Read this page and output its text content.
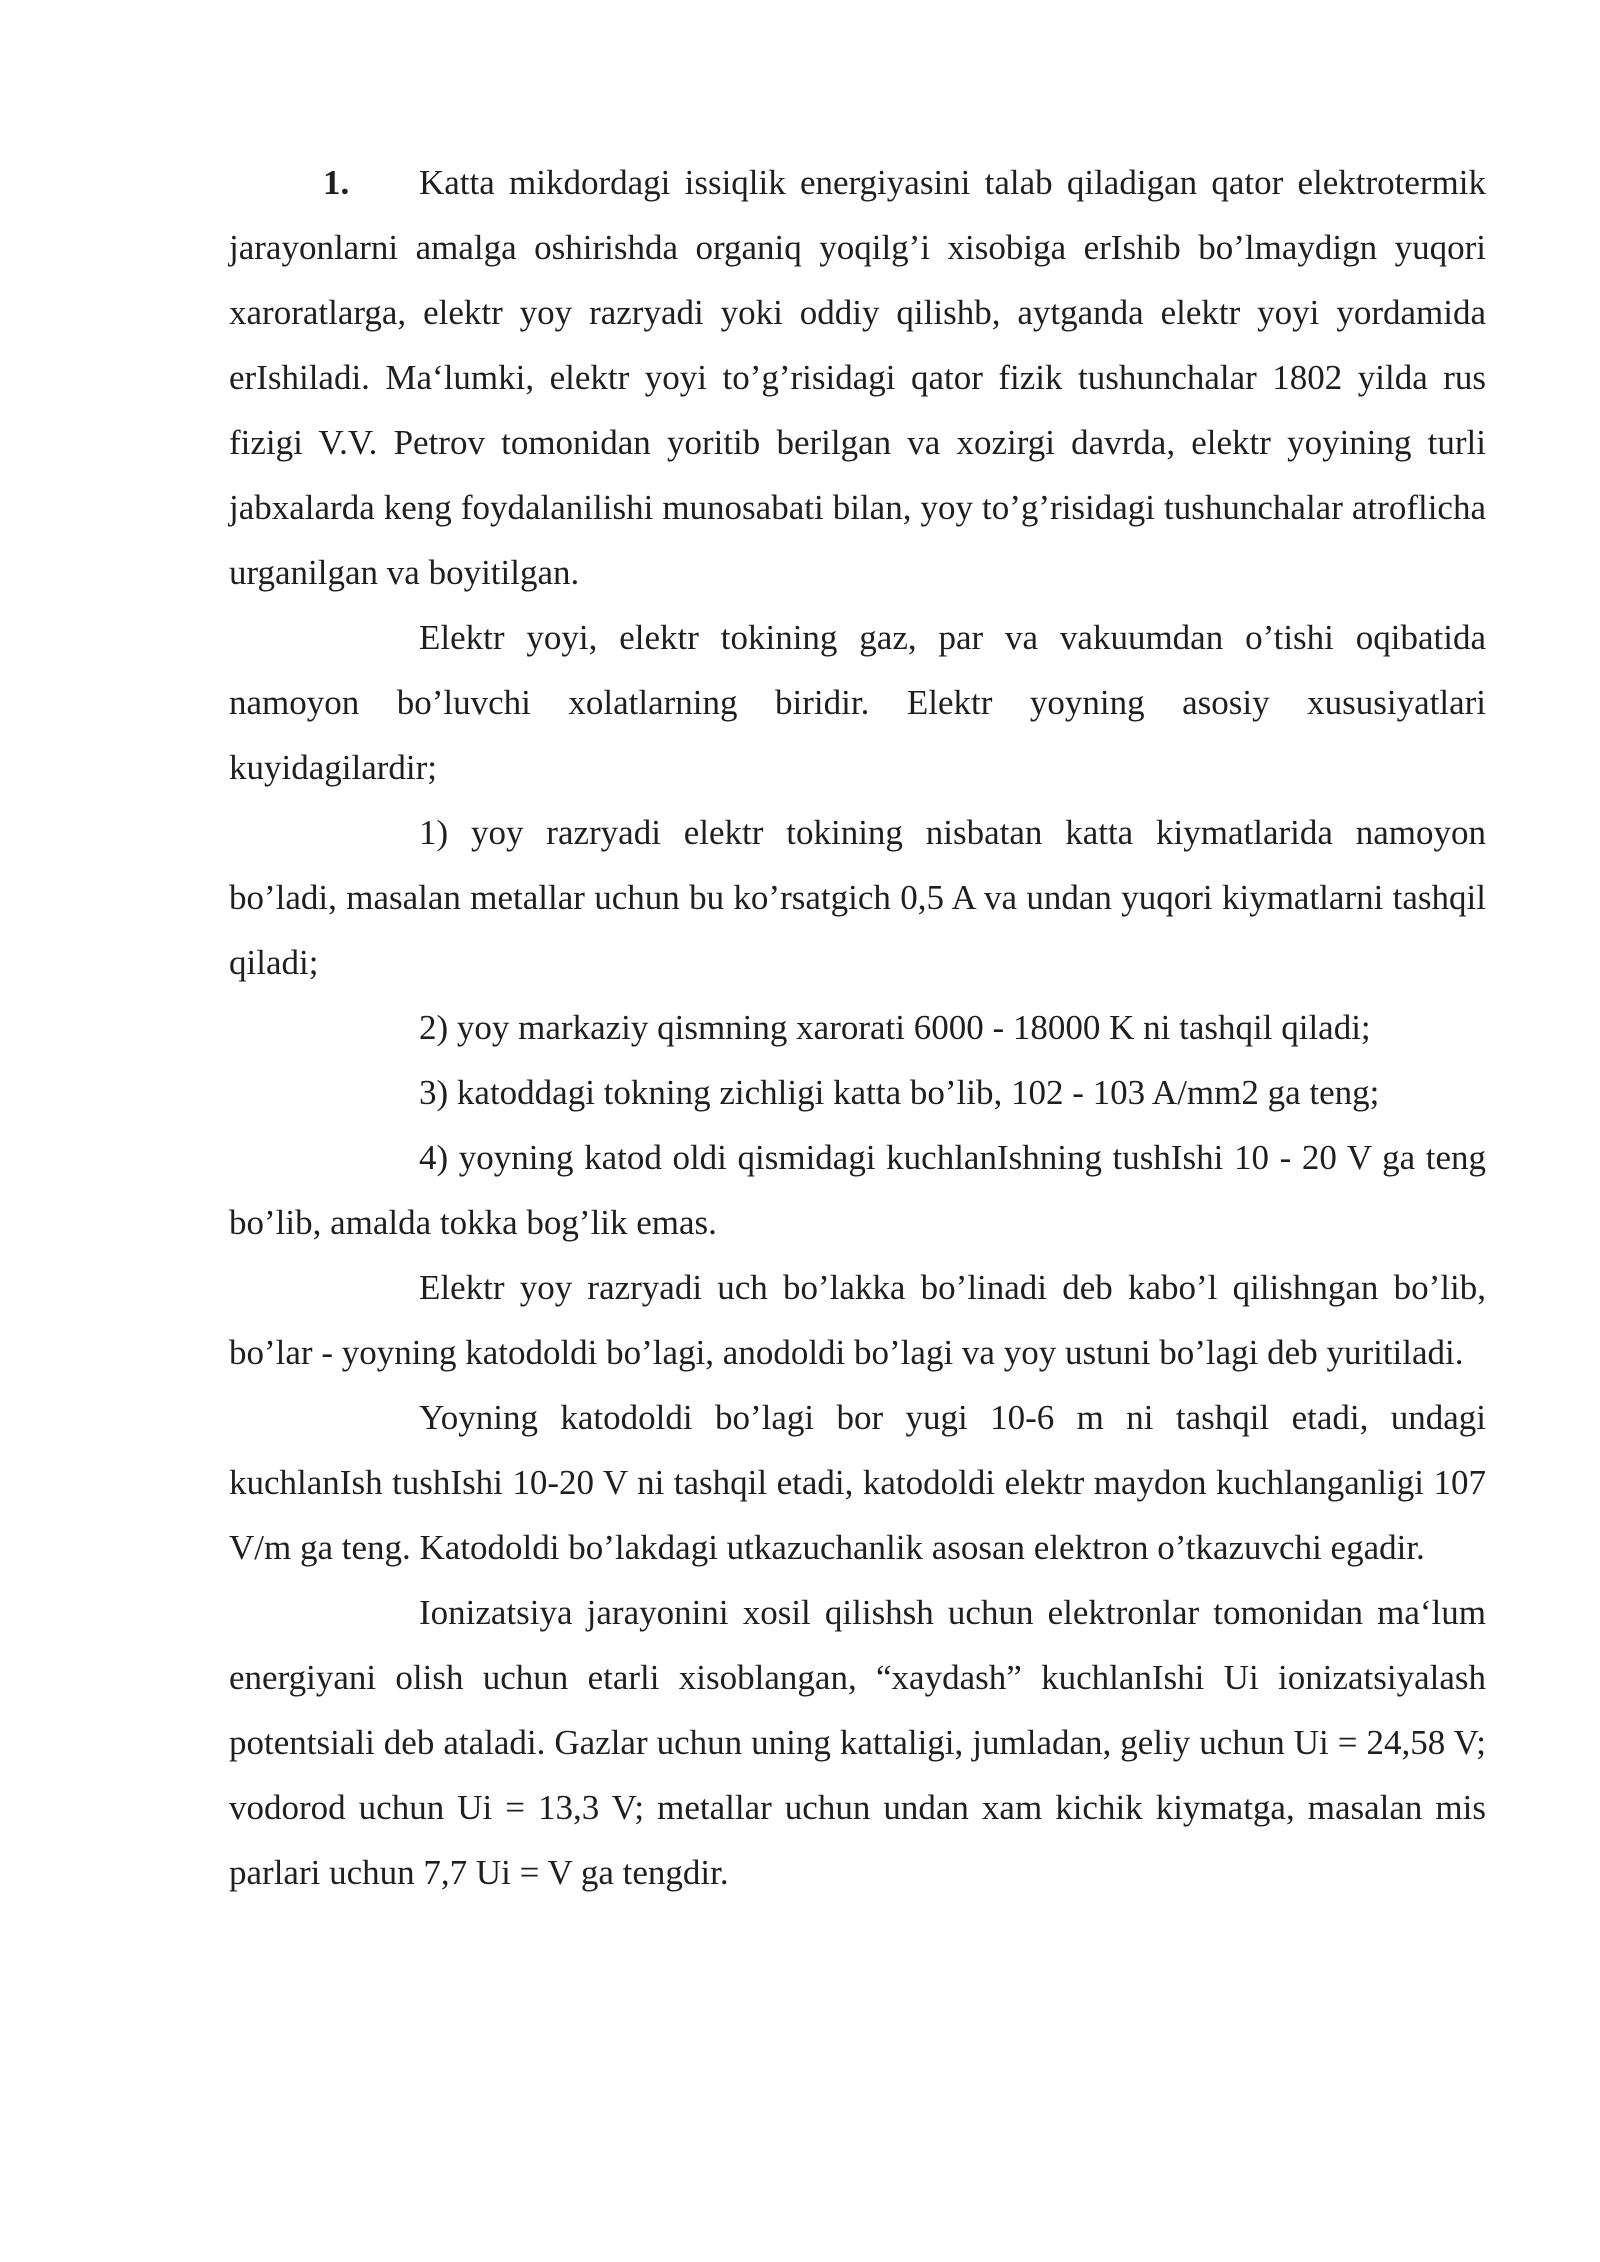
1. Katta mikdordagi issiqlik energiyasini talab qiladigan qator elektrotermik jarayonlarni amalga oshirishda organiq yoqilg’i xisobiga erIshib bo’lmaydign yuqori xaroratlarga, elektr yoy razryadi yoki oddiy qilishb, aytganda elektr yoyi yordamida erIshiladi. Ma‘lumki, elektr yoyi to’g’risidagi qator fizik tushunchalar 1802 yilda rus fizigi V.V. Petrov tomonidan yoritib berilgan va xozirgi davrda, elektr yoyining turli jabxalarda keng foydalanilishi munosabati bilan, yoy to’g’risidagi tushunchalar atroflicha urganilgan va boyitilgan.

Elektr yoyi, elektr tokining gaz, par va vakuumdan o’tishi oqibatida namoyon bo’luvchi xolatlarning biridir. Elektr yoyning asosiy xususiyatlari kuyidagilardir;

1) yoy razryadi elektr tokining nisbatan katta kiymatlarida namoyon bo’ladi, masalan metallar uchun bu ko’rsatgich 0,5 A va undan yuqori kiymatlarni tashqil qiladi;

2) yoy markaziy qismning xarorati 6000 - 18000 K ni tashqil qiladi;

3) katoddagi tokning zichligi katta bo’lib, 102 - 103 A/mm2 ga teng;

4) yoyning katod oldi qismidagi kuchlanIshning tushIshi 10 - 20 V ga teng bo’lib, amalda tokka bog’lik emas.

Elektr yoy razryadi uch bo’lakka bo’linadi deb kabo’l qilishngan bo’lib, bo’lar - yoyning katodoldi bo’lagi, anodoldi bo’lagi va yoy ustuni bo’lagi deb yuritiladi.

Yoyning katodoldi bo’lagi bor yugi 10-6 m ni tashqil etadi, undagi kuchlanIsh tushIshi 10-20 V ni tashqil etadi, katodoldi elektr maydon kuchlanganligi 107 V/m ga teng. Katodoldi bo’lakdagi utkazuchanlik asosan elektron o’tkazuvchi egadir.

Ionizatsiya jarayonini xosil qilishsh uchun elektronlar tomonidan ma‘lum energiyani olish uchun etarli xisoblangan, “xaydash” kuchlanIshi Ui ionizatsiyalash potentsiali deb ataladi. Gazlar uchun uning kattaligi, jumladan, geliy uchun Ui = 24,58 V; vodorod uchun Ui = 13,3 V; metallar uchun undan xam kichik kiymatga, masalan mis parlari uchun 7,7 Ui = V ga tengdir.
